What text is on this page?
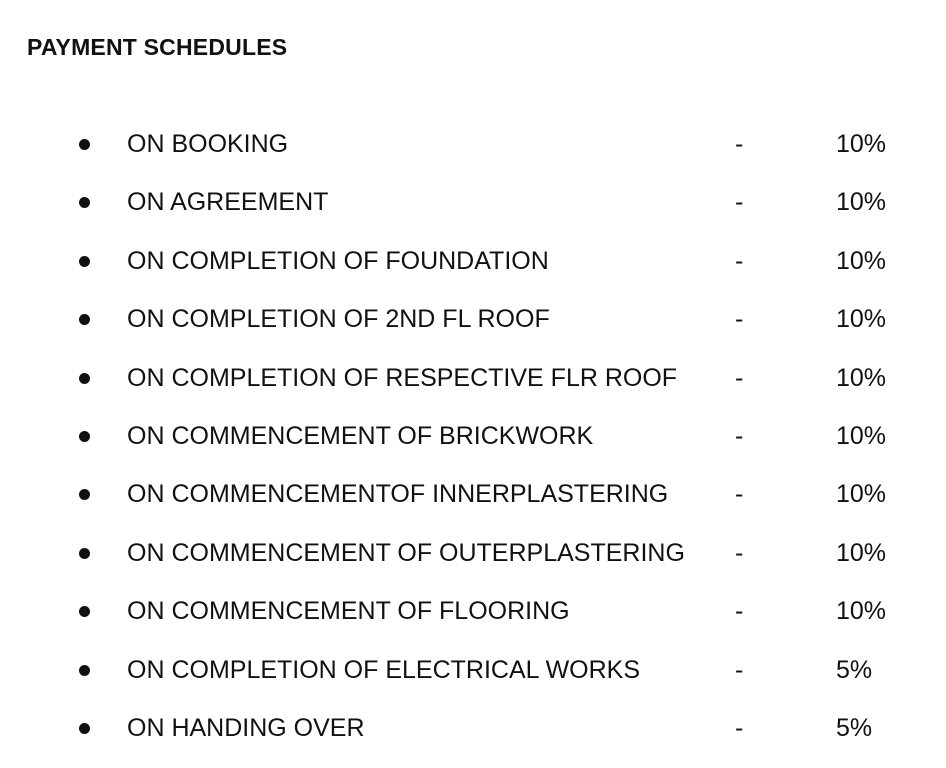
PAYMENT SCHEDULES
ON BOOKING	-	10%
ON AGREEMENT	-	10%
ON COMPLETION OF FOUNDATION	-	10%
ON COMPLETION OF 2ND FL ROOF	-	10%
ON COMPLETION OF RESPECTIVE FLR ROOF -	10%
ON COMMENCEMENT OF BRICKWORK	-	10%
ON COMMENCEMENTOF INNERPLASTERING	-	10%
ON COMMENCEMENT OF OUTERPLASTERING -	10%
ON COMMENCEMENT OF FLOORING	-	10%
ON COMPLETION OF ELECTRICAL WORKS	-	5%
ON HANDING OVER	-	5%
